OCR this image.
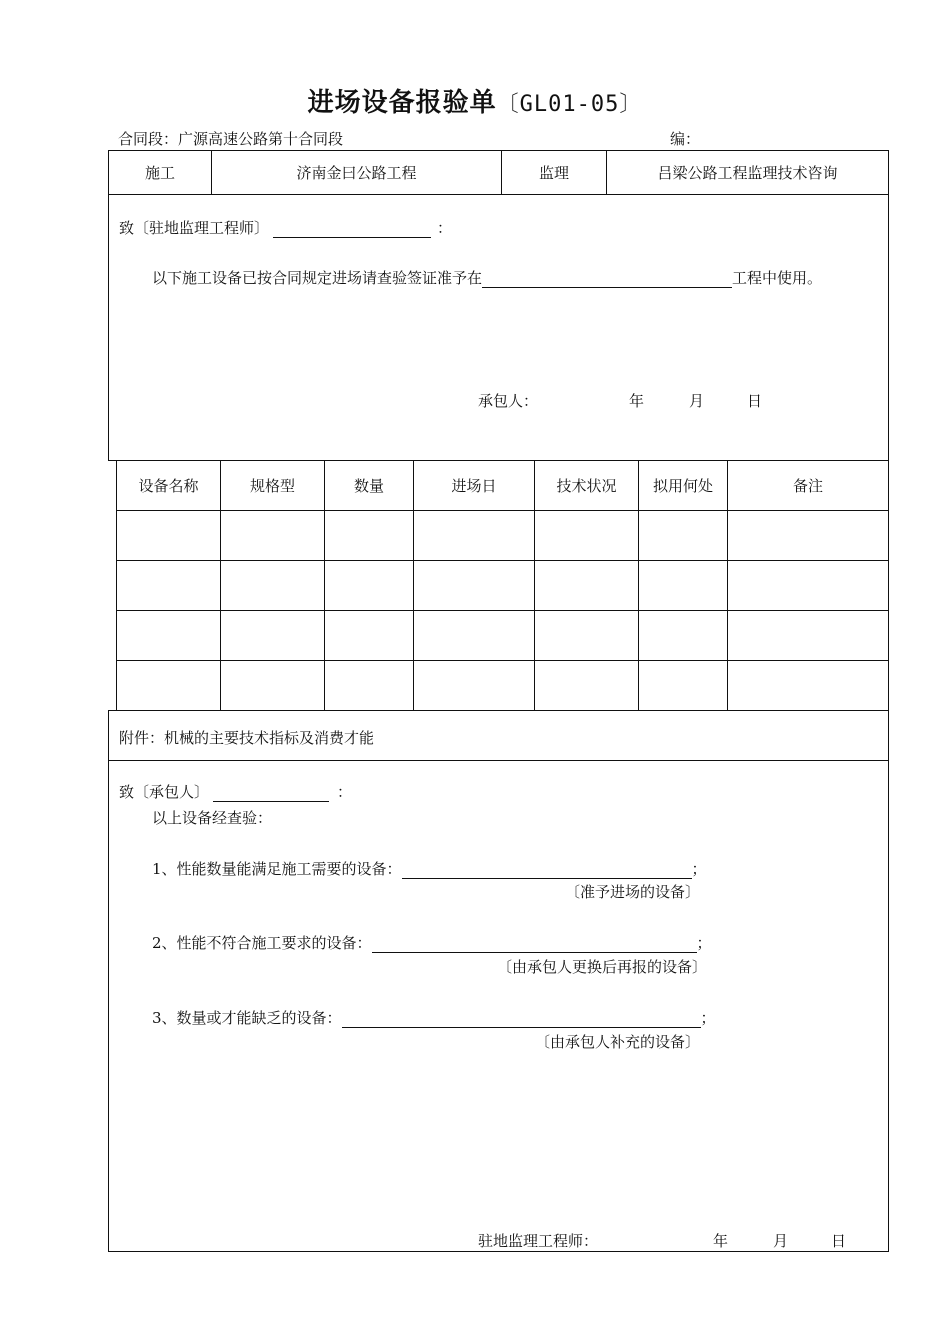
进场设备报验单〔GL01-05〕
合同段：广源高速公路第十合同段	编：
施工	济南金曰公路工程	监理	吕梁公路工程监理技术咨询
致〔驻地监理工程师〕	：
以下施工设备已按合同规定进场请查验签证准予在	工程中使用。
承包人：	年	月	日
设备名称	规格型	数量	进场日	技术状况	拟用何处	备注

附件：机械的主要技术指标及消费才能
致〔承包人〕	：
以上设备经查验：
1、性能数量能满足施工需要的设备：	；
〔准予进场的设备〕
2、性能不符合施工要求的设备：	；
〔由承包人更换后再报的设备〕
3、数量或才能缺乏的设备：	；
〔由承包人补充的设备〕
驻地监理工程师：	年	月	日
